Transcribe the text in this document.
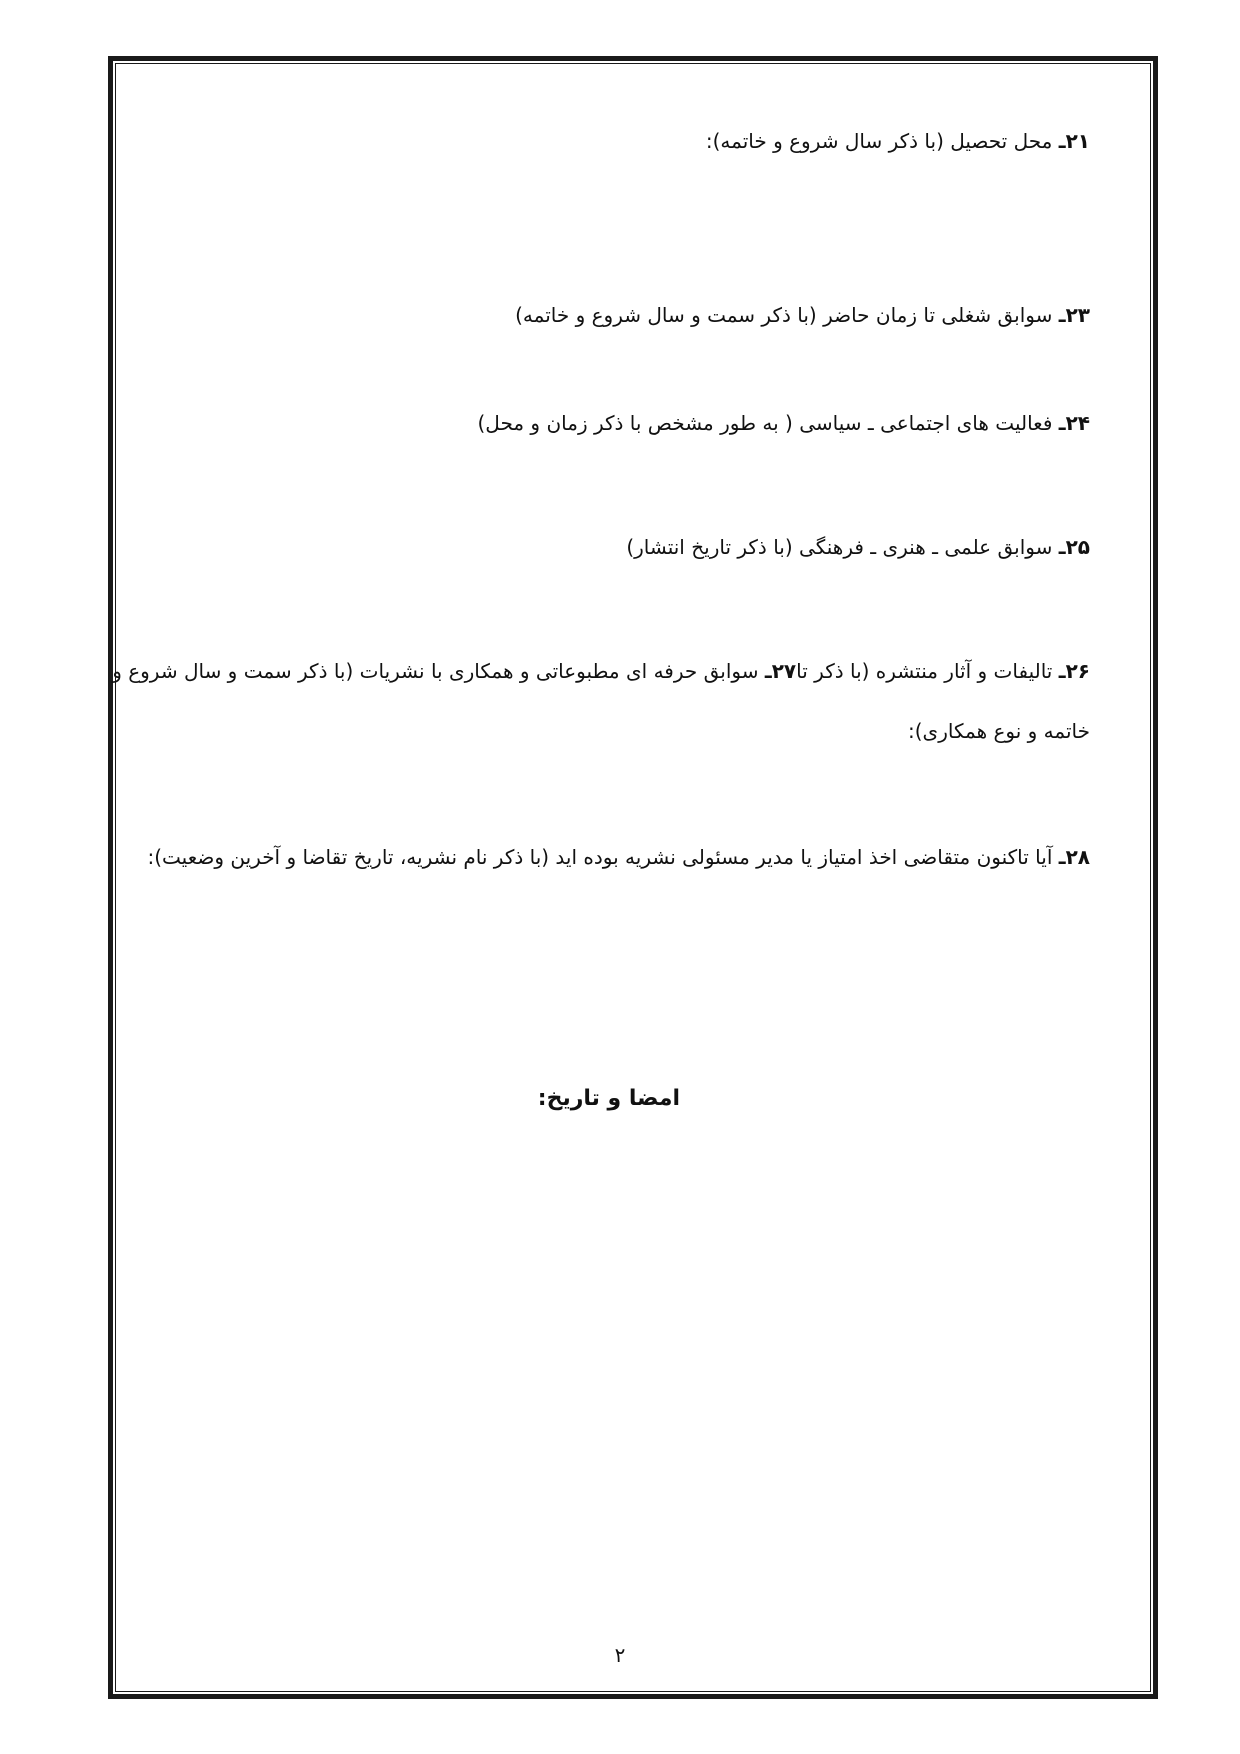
۲۱ـ محل تحصیل (با ذکر سال شروع و خاتمه):
۲۳ـ سوابق شغلی تا زمان حاضر (با ذکر سمت و سال شروع و خاتمه)
۲۴ـ فعالیت های اجتماعی ـ سیاسی ( به طور مشخص با ذکر زمان و محل)
۲۵ـ سوابق علمی ـ هنری ـ فرهنگی (با ذکر تاریخ انتشار)
۲۶ـ تالیفات و آثار منتشره (با ذکر تا۲۷ـ سوابق حرفه ای مطبوعاتی و همکاری با نشریات (با ذکر سمت و سال شروع و
خاتمه و نوع همکاری):
۲۸ـ آیا تاکنون متقاضی اخذ امتیاز یا مدیر مسئولی نشریه بوده اید (با ذکر نام نشریه، تاریخ تقاضا و آخرین وضعیت):
امضا و تاریخ:
۲
